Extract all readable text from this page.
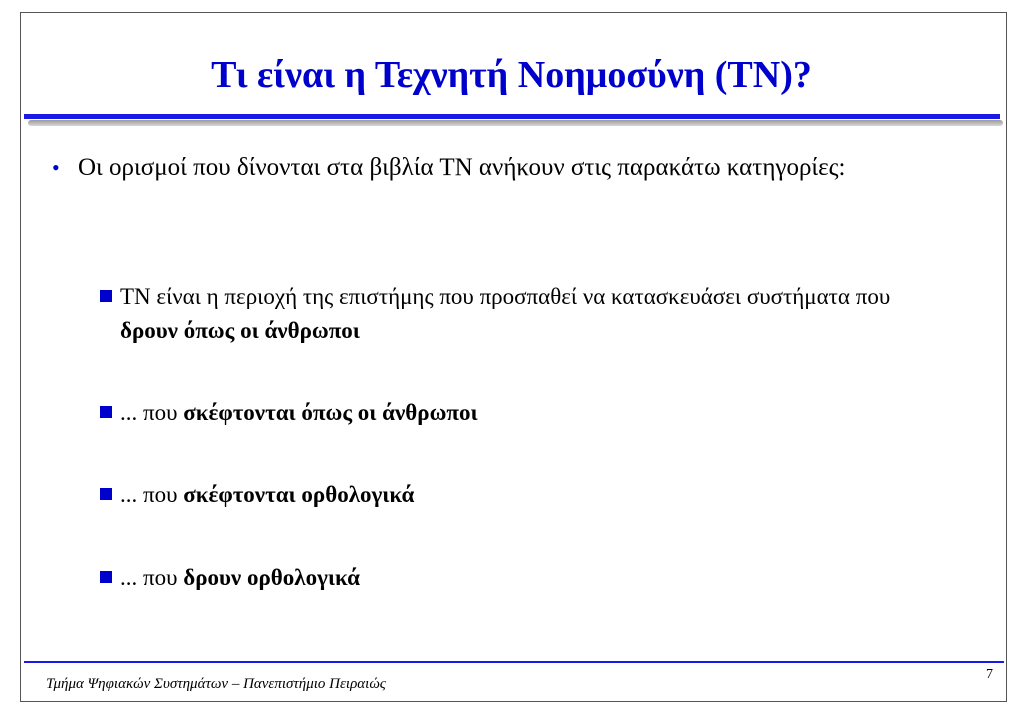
Τι είναι η Τεχνητή Νοημοσύνη (ΤΝ)?
• Οι ορισμοί που δίνονται στα βιβλία ΤΝ ανήκουν στις παρακάτω κατηγορίες:
ΤΝ είναι η περιοχή της επιστήμης που προσπαθεί να κατασκευάσει συστήματα που δρουν όπως οι άνθρωποι
... που σκέφτονται όπως οι άνθρωποι
... που σκέφτονται ορθολογικά
... που δρουν ορθολογικά
Τμήμα Ψηφιακών Συστημάτων – Πανεπιστήμιο Πειραιώς
7
